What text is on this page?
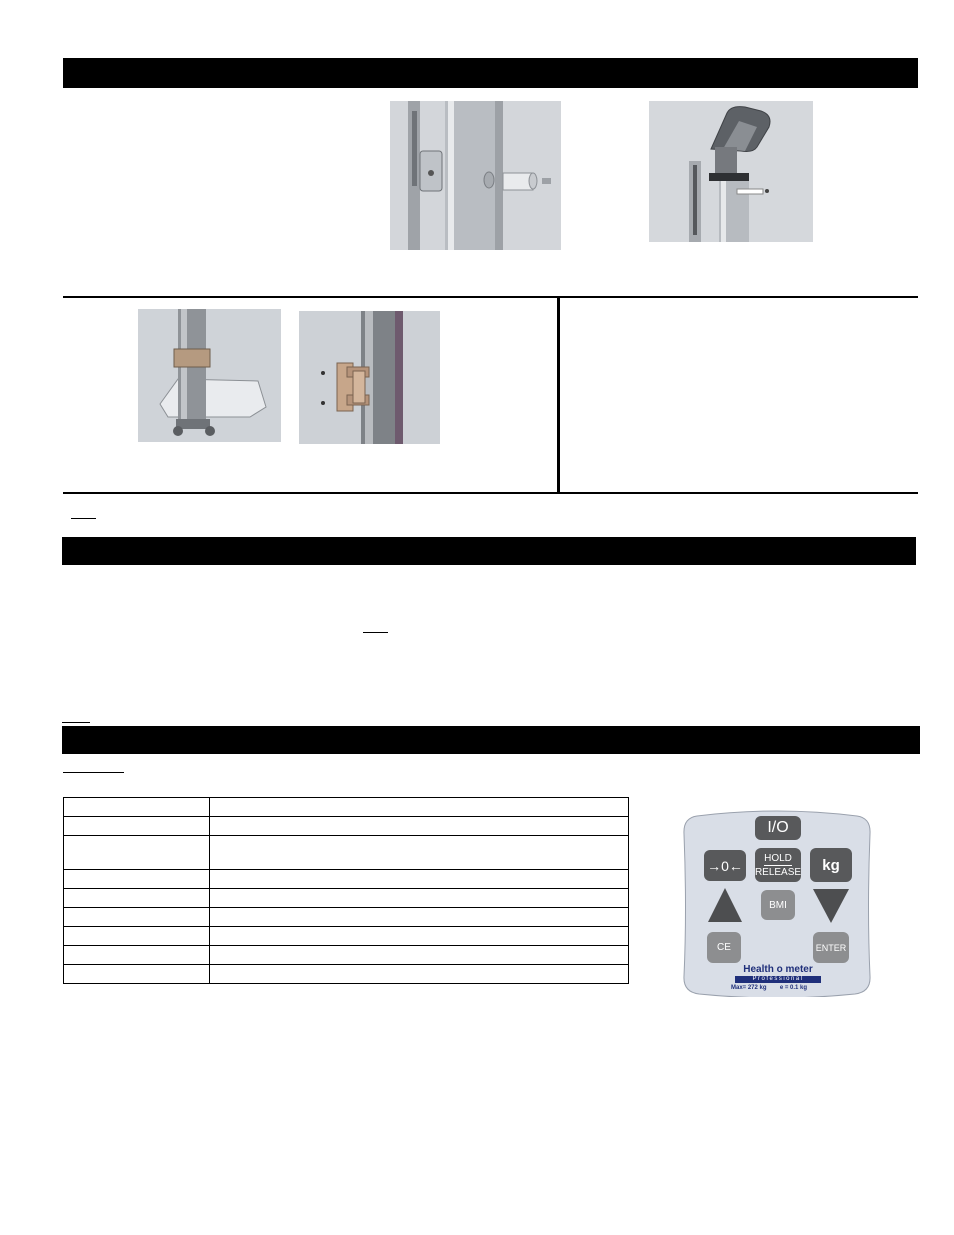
I/O
→0← HOLD
RELEASE kg
BMI
CE	ENTER
Health o meter
Professional
Max= 272 kg e = 0.1 kg
